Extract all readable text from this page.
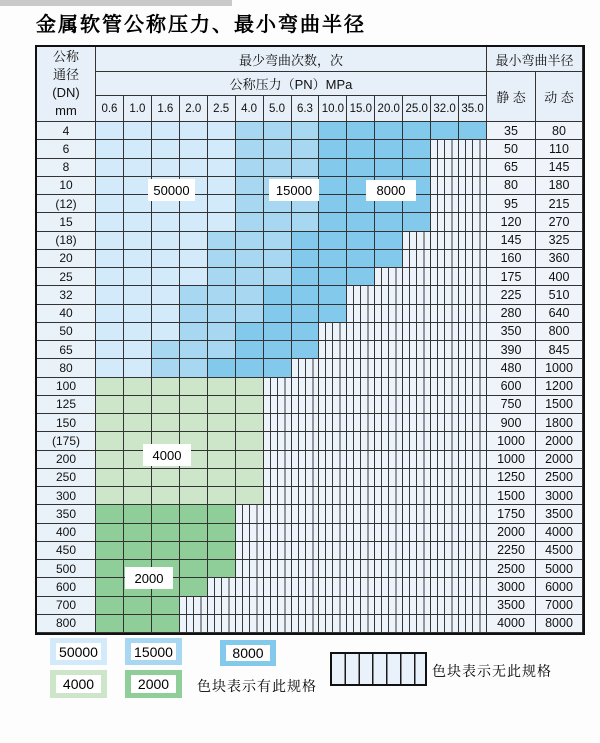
金属软管公称压力、最小弯曲半径
公称
通径
(DN)
mm
最少弯曲次数，次	最小弯曲半径
公称压力（PN）MPa
静 态	动 态
0.6	1.0	1.6	2.0	2.5	4.0	5.0	6.3 10.0 15.0 20.0 25.0 32.0 35.0
4	35	80
6	50	110
8	65	145
10	80	180
(12)	95	215
15	120	270
(18)	145	325
20	160	360
25	175	400
32	225	510
40	280	640
50	350	800
65	390	845
80	480	1000
100	600	1200
125	750	1500
150	900	1800
(175)	1000	2000
200	1000	2000
250	1250	2500
300	1500	3000
350	1750	3500
400	2000	4000
450	2250	4500
500	2500	5000
600	3000	6000
700	3500	7000
800	4000	8000
50000	15000	8000
4000
2000
50000	15000	8000
4000	2000	色块表示有此规格
色块表示无此规格
